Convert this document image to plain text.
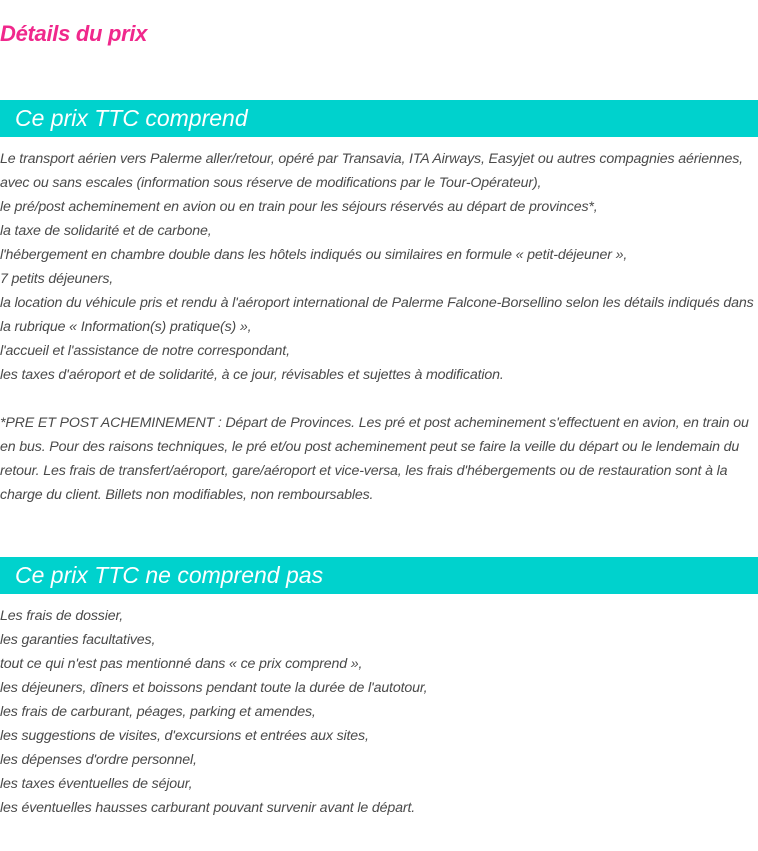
Détails du prix
Ce prix TTC comprend

Le transport aérien vers Palerme aller/retour, opéré par Transavia, ITA Airways, Easyjet ou autres compagnies aériennes, avec ou sans escales (information sous réserve de modifications par le Tour-Opérateur),

le pré/post acheminement en avion ou en train pour les séjours réservés au départ de provinces*,

la taxe de solidarité et de carbone,

l'hébergement en chambre double dans les hôtels indiqués ou similaires en formule « petit-déjeuner »,

7 petits déjeuners,

la location du véhicule pris et rendu à l'aéroport international de Palerme Falcone-Borsellino selon les détails indiqués dans la rubrique « Information(s) pratique(s) »,

l'accueil et l'assistance de notre correspondant,

les taxes d'aéroport et de solidarité, à ce jour, révisables et sujettes à modification.

*PRE ET POST ACHEMINEMENT : Départ de Provinces. Les pré et post acheminement s'effectuent en avion, en train ou en bus. Pour des raisons techniques, le pré et/ou post acheminement peut se faire la veille du départ ou le lendemain du retour. Les frais de transfert/aéroport, gare/aéroport et vice-versa, les frais d'hébergements ou de restauration sont à la charge du client. Billets non modifiables, non remboursables.

Ce prix TTC ne comprend pas

Les frais de dossier,

les garanties facultatives,

tout ce qui n'est pas mentionné dans « ce prix comprend »,

les déjeuners, dîners et boissons pendant toute la durée de l'autotour,

les frais de carburant, péages, parking et amendes,

les suggestions de visites, d'excursions et entrées aux sites,

les dépenses d'ordre personnel,

les taxes éventuelles de séjour,

les éventuelles hausses carburant pouvant survenir avant le départ.
